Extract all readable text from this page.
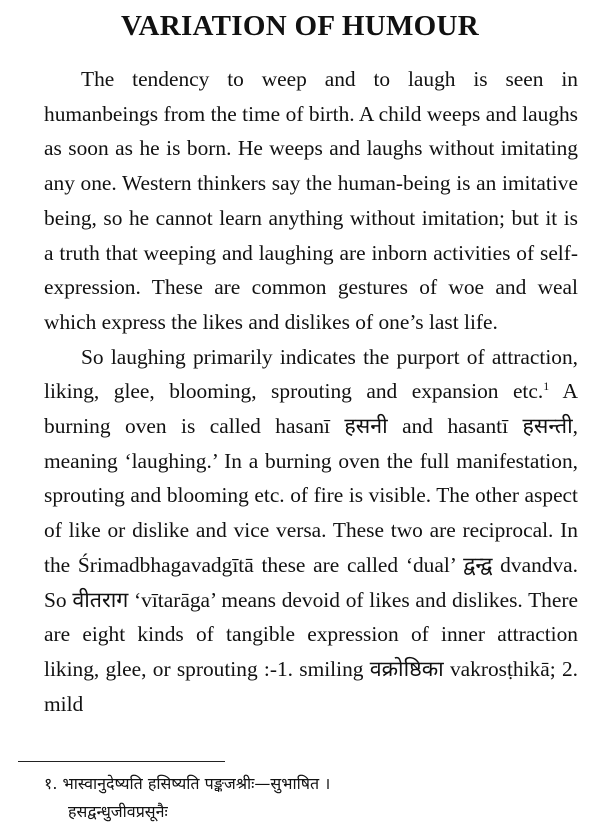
VARIATION OF HUMOUR

The tendency to weep and to laugh is seen in humanbeings from the time of birth. A child weeps and laughs as soon as he is born. He weeps and laughs without imitating any one. Western thinkers say the human-being is an imitative being, so he cannot learn anything without imitation; but it is a truth that weeping and laughing are inborn activities of self-expression. These are common gestures of woe and weal which express the likes and dislikes of one’s last life.

So laughing primarily indicates the purport of attraction, liking, glee, blooming, sprouting and expansion etc.$^1$ A burning oven is called hasanī हसनी and hasantī हसन्ती, meaning ‘laughing.’ In a burning oven the full manifestation, sprouting and blooming etc. of fire is visible. The other aspect of like or dislike and vice versa. These two are reciprocal. In the Śrimadbhagavadgītā these are called ‘dual’ द्वन्द्व dvandva. So वीतराग ‘vītarāga’ means devoid of likes and dislikes. There are eight kinds of tangible expression of inner attraction liking, glee, or sprouting :-1. smiling वक्रोष्ठिका vakrosṭhikā; 2. mild

१. भास्वानुदेष्यति हसिष्यति पङ्कजश्रीः—सुभाषित ।
हसद्वन्धुजीवप्रसूनैः
